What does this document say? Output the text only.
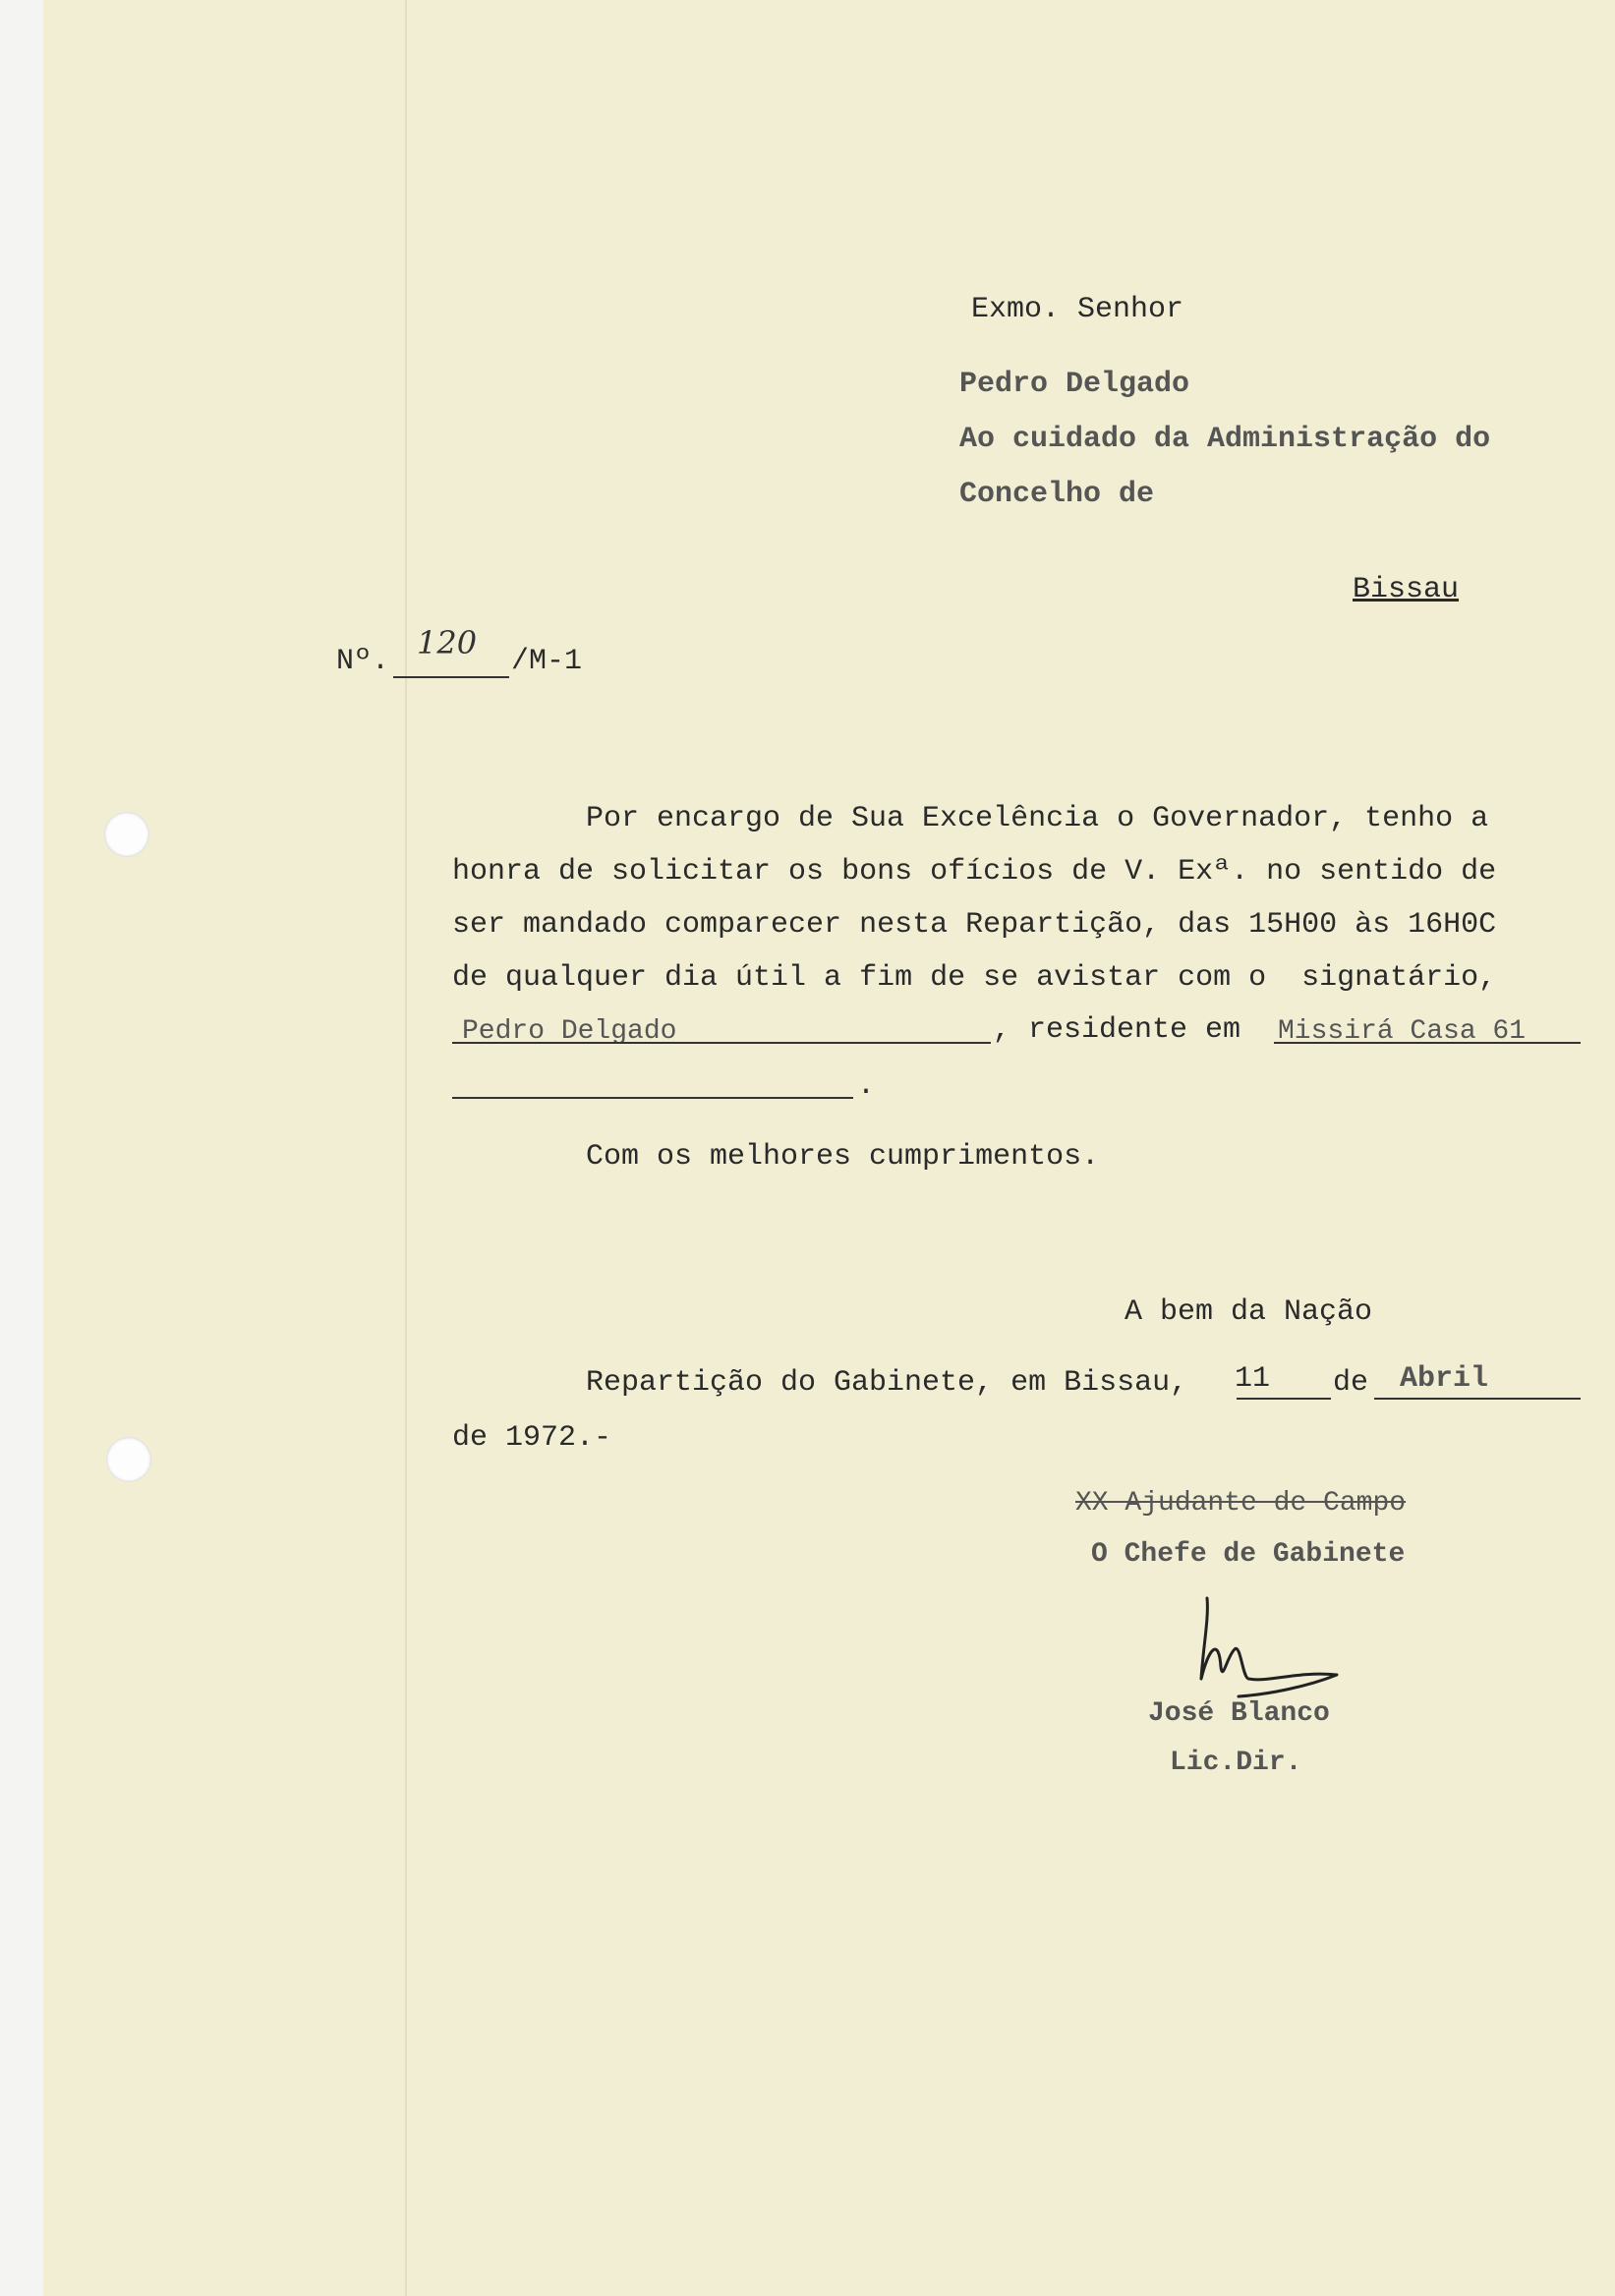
Exmo. Senhor
Pedro Delgado
Ao cuidado da Administração do
Concelho de
Bissau
Nº. 120 /M-1
Por encargo de Sua Excelência o Governador, tenho a
honra de solicitar os bons ofícios de V. Exª. no sentido de
ser mandado comparecer nesta Repartição, das 15H00 às 16H0C
de qualquer dia útil a fim de se avistar com o  signatário,
Pedro Delgado	, residente em Missirá Casa 61
.
Com os melhores cumprimentos.
A bem da Nação
Repartição do Gabinete, em Bissau, 11 de Abril
de 1972.-
XX Ajudante de Campo
O Chefe de Gabinete
José Blanco
Lic.Dir.
